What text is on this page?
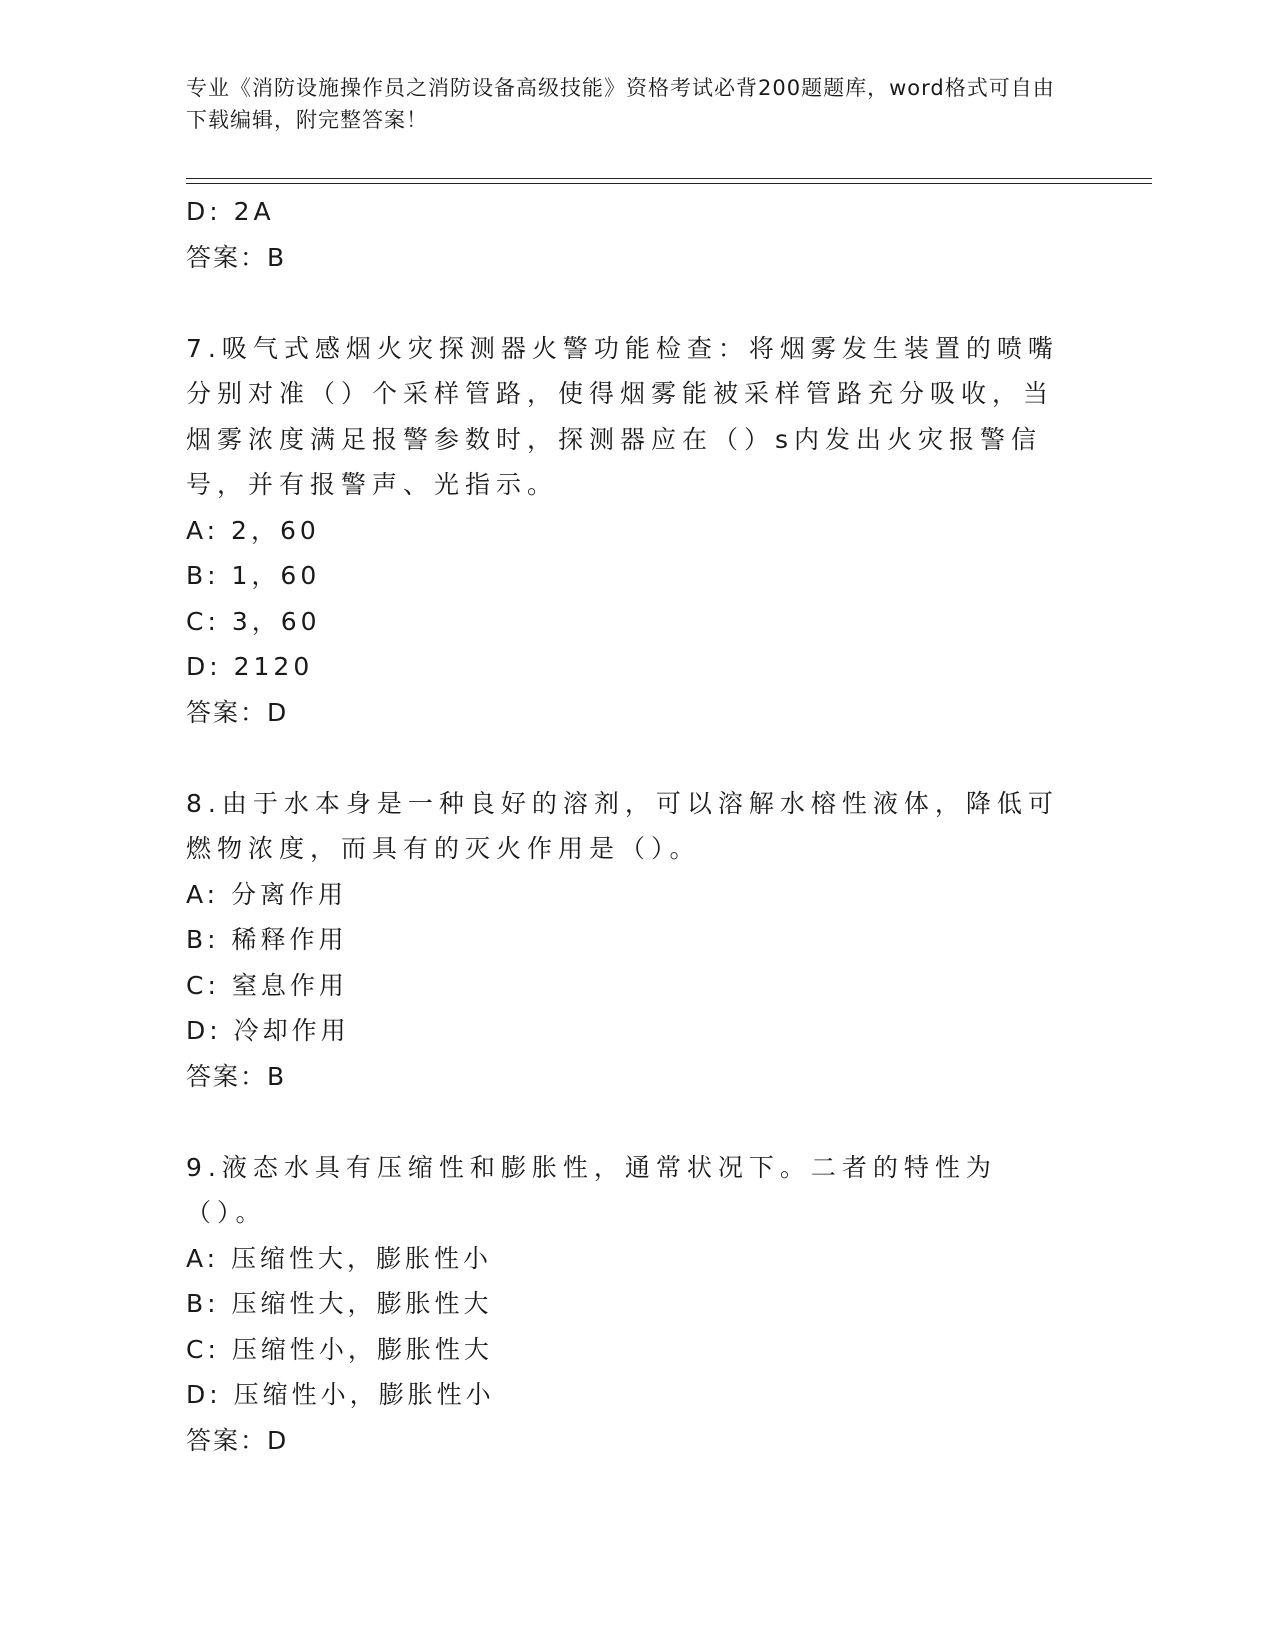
专业《消防设施操作员之消防设备高级技能》资格考试必背200题题库，word格式可自由下载编辑，附完整答案！
D: 2A
答案：B
7.吸气式感烟火灾探测器火警功能检查：将烟雾发生装置的喷嘴分别对准（）个采样管路，使得烟雾能被采样管路充分吸收，当烟雾浓度满足报警参数时，探测器应在（）s内发出火灾报警信号，并有报警声、光指示。
A: 2，60
B: 1，60
C: 3，60
D: 2120
答案：D
8.由于水本身是一种良好的溶剂，可以溶解水榕性液体，降低可燃物浓度，而具有的灭火作用是（）。
A: 分离作用
B: 稀释作用
C: 窒息作用
D: 冷却作用
答案：B
9.液态水具有压缩性和膨胀性，通常状况下。二者的特性为（）。
A: 压缩性大，膨胀性小
B: 压缩性大，膨胀性大
C: 压缩性小，膨胀性大
D: 压缩性小，膨胀性小
答案：D
